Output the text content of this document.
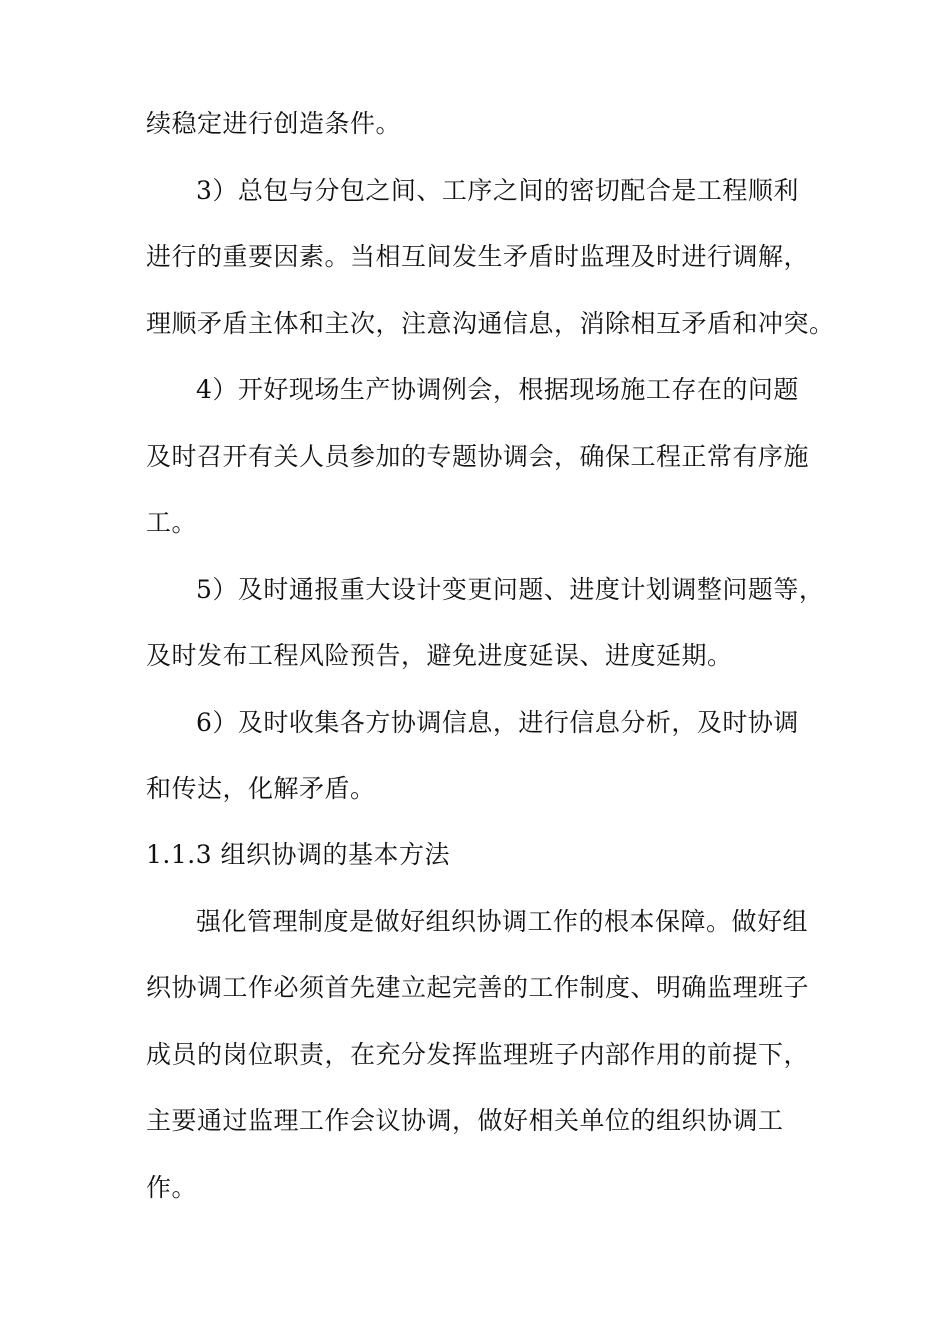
续稳定进行创造条件。
3）总包与分包之间、工序之间的密切配合是工程顺利
进行的重要因素。当相互间发生矛盾时监理及时进行调解，
理顺矛盾主体和主次，注意沟通信息，消除相互矛盾和冲突。
4）开好现场生产协调例会，根据现场施工存在的问题
及时召开有关人员参加的专题协调会，确保工程正常有序施
工。
5）及时通报重大设计变更问题、进度计划调整问题等，
及时发布工程风险预告，避免进度延误、进度延期。
6）及时收集各方协调信息，进行信息分析，及时协调
和传达，化解矛盾。
1.1.3 组织协调的基本方法
强化管理制度是做好组织协调工作的根本保障。做好组
织协调工作必须首先建立起完善的工作制度、明确监理班子
成员的岗位职责，在充分发挥监理班子内部作用的前提下，
主要通过监理工作会议协调，做好相关单位的组织协调工
作。
